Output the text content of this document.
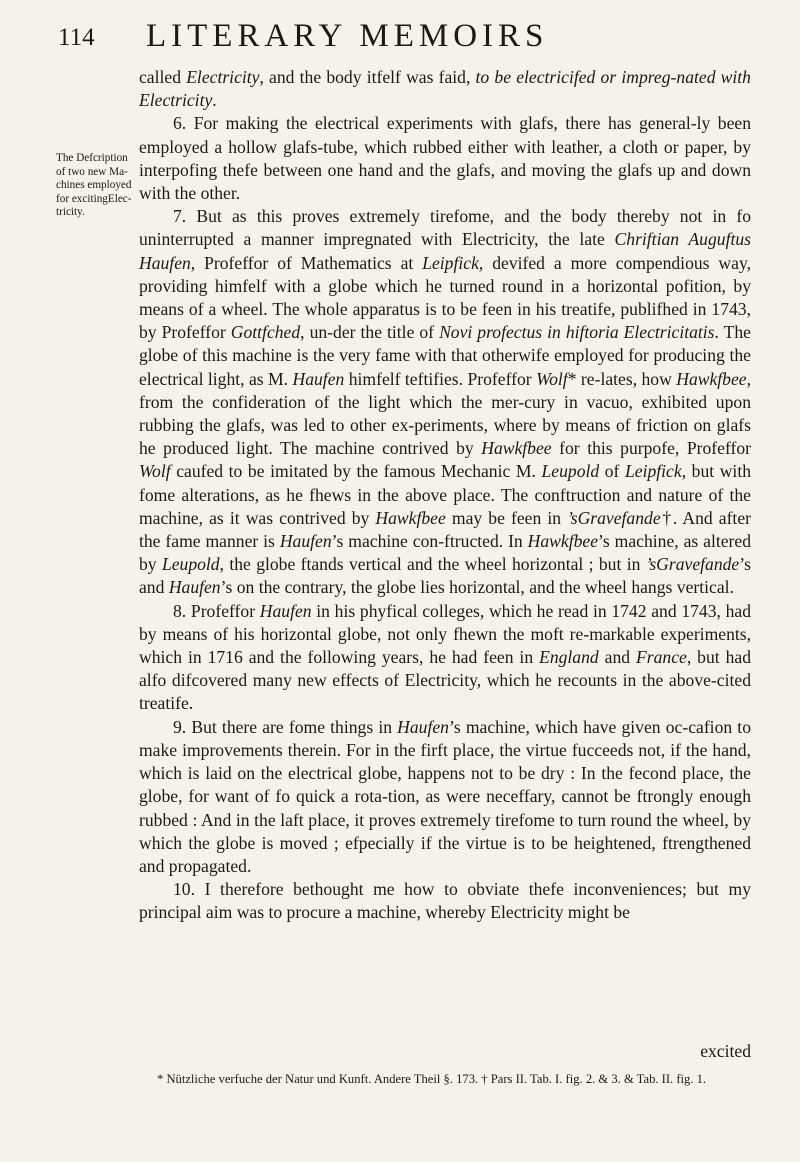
114 LITERARY MEMOIRS
The Defcription of two new Ma-chines employed for excitingElec-tricity.

called Electricity, and the body itfelf was faid, to be electricifed or impreg-nated with Electricity.

6. For making the electrical experiments with glafs, there has general-ly been employed a hollow glafs-tube, which rubbed either with leather, a cloth or paper, by interpofing thefe between one hand and the glafs, and moving the glafs up and down with the other.

7. But as this proves extremely tirefome, and the body thereby not in fo uninterrupted a manner impregnated with Electricity, the late Chriftian Auguftus Haufen, Profeffor of Mathematics at Leipfick, devifed a more compendious way, providing himfelf with a globe which he turned round in a horizontal pofition, by means of a wheel. The whole apparatus is to be feen in his treatife, publifhed in 1743, by Profeffor Gottfched, un-der the title of Novi profectus in hiftoria Electricitatis. The globe of this machine is the very fame with that otherwife employed for producing the electrical light, as M. Haufen himfelf teftifies. Profeffor Wolf* re-lates, how Hawkfbee, from the confideration of the light which the mer-cury in vacuo, exhibited upon rubbing the glafs, was led to other ex-periments, where by means of friction on glafs he produced light. The machine contrived by Hawkfbee for this purpofe, Profeffor Wolf caufed to be imitated by the famous Mechanic M. Leupold of Leipfick, but with fome alterations, as he fhews in the above place. The conftruction and nature of the machine, as it was contrived by Hawkfbee may be feen in ’sGravefande†. And after the fame manner is Haufen’s machine con-ftructed. In Hawkfbee’s machine, as altered by Leupold, the globe ftands vertical and the wheel horizontal ; but in ’sGravefande’s and Haufen’s on the contrary, the globe lies horizontal, and the wheel hangs vertical.

8. Profeffor Haufen in his phyfical colleges, which he read in 1742 and 1743, had by means of his horizontal globe, not only fhewn the moft re-markable experiments, which in 1716 and the following years, he had feen in England and France, but had alfo difcovered many new effects of Electricity, which he recounts in the above-cited treatife.

9. But there are fome things in Haufen’s machine, which have given oc-cafion to make improvements therein. For in the firft place, the virtue fucceeds not, if the hand, which is laid on the electrical globe, happens not to be dry : In the fecond place, the globe, for want of fo quick a rota-tion, as were neceffary, cannot be ftrongly enough rubbed : And in the laft place, it proves extremely tirefome to turn round the wheel, by which the globe is moved ; efpecially if the virtue is to be heightened, ftrengthened and propagated.

10. I therefore bethought me how to obviate thefe inconveniences; but my principal aim was to procure a machine, whereby Electricity might be

excited
* Nützliche verfuche der Natur und Kunft. Andere Theil §. 173. † Pars II. Tab. I. fig. 2. & 3. & Tab. II. fig. 1.
